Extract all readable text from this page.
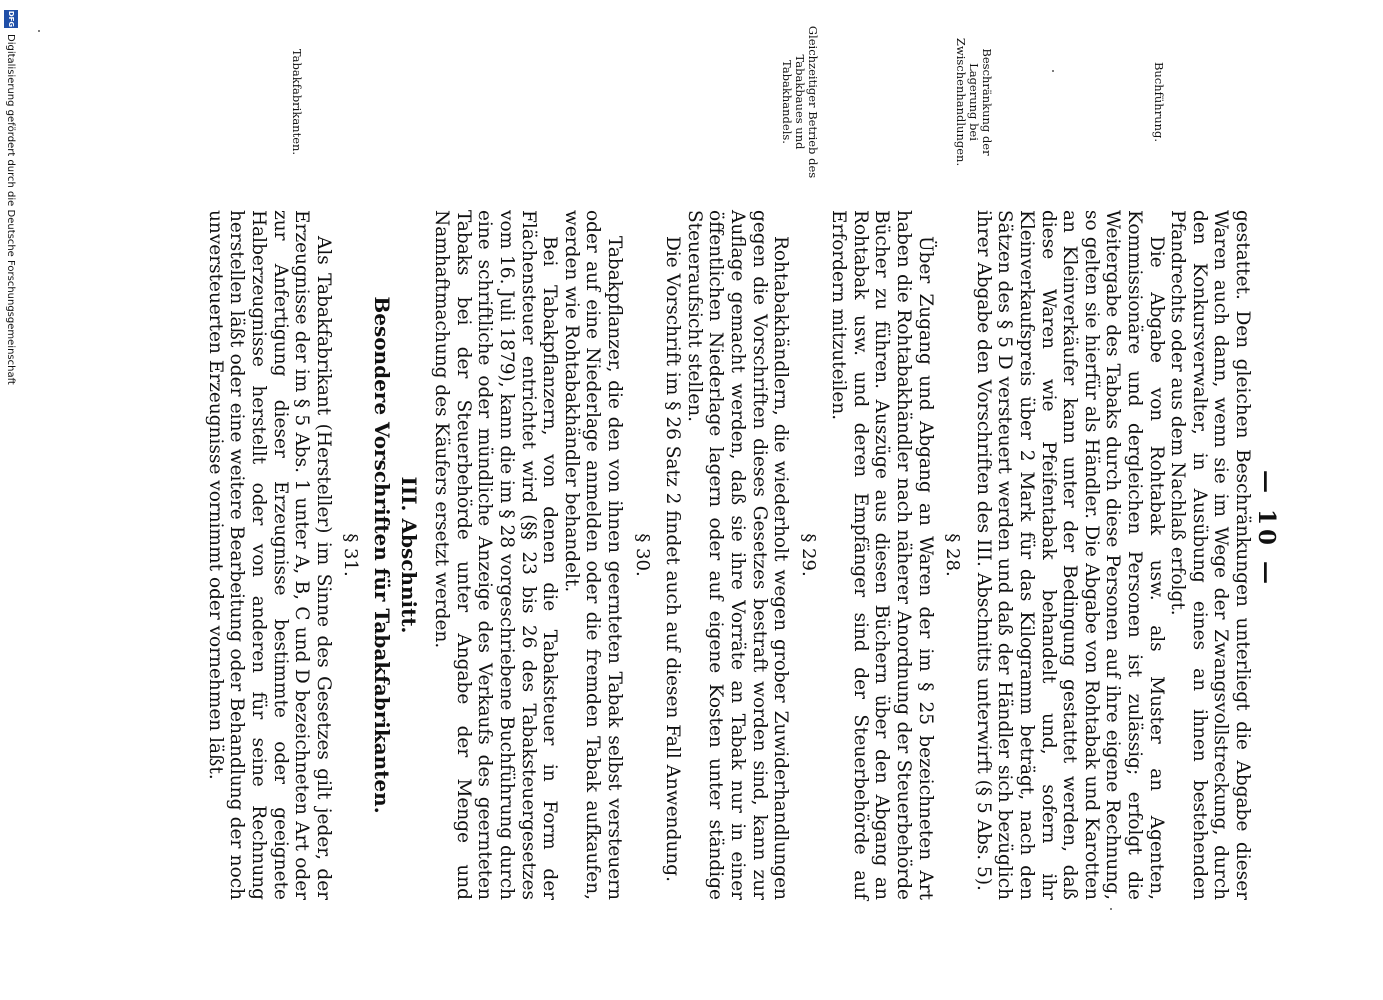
— 10 —
Buchführung.
Beschränkung der Lagerung bei Zwischenhandlungen.
Gleichzeitiger Betrieb des Tabakbaues und Tabakhandels.
Tabakfabrikanten.

gestattet. Den gleichen Beschränkungen unterliegt die Abgabe dieser Waren auch dann, wenn sie im Wege der Zwangsvollstreckung, durch den Konkursverwalter, in Ausübung eines an ihnen bestehenden Pfandrechts oder aus dem Nachlaß erfolgt.

Die Abgabe von Rohtabak usw. als Muster an Agenten, Kommissionäre und dergleichen Personen ist zulässig; erfolgt die Weitergabe des Tabaks durch diese Personen auf ihre eigene Rechnung, so gelten sie hierfür als Händler. Die Abgabe von Rohtabak und Karotten an Kleinverkäufer kann unter der Bedingung gestattet werden, daß diese Waren wie Pfeifentabak behandelt und, sofern ihr Kleinverkaufspreis über 2 Mark für das Kilogramm beträgt, nach den Sätzen des § 5 D versteuert werden und daß der Händler sich bezüglich ihrer Abgabe den Vorschriften des III. Abschnitts unterwirft (§ 5 Abs. 5).

§ 28.

Über Zugang und Abgang an Waren der im § 25 bezeichneten Art haben die Rohtabakhändler nach näherer Anordnung der Steuerbehörde Bücher zu führen. Auszüge aus diesen Büchern über den Abgang an Rohtabak usw. und deren Empfänger sind der Steuerbehörde auf Erfordern mitzuteilen.

§ 29.

Rohtabakhändlern, die wiederholt wegen grober Zuwiderhandlungen gegen die Vorschriften dieses Gesetzes bestraft worden sind, kann zur Auflage gemacht werden, daß sie ihre Vorräte an Tabak nur in einer öffentlichen Niederlage lagern oder auf eigene Kosten unter ständige Steueraufsicht stellen.

Die Vorschrift im § 26 Satz 2 findet auch auf diesen Fall Anwendung.

§ 30.

Tabakpflanzer, die den von ihnen geernteten Tabak selbst versteuern oder auf eine Niederlage anmelden oder die fremden Tabak aufkaufen, werden wie Rohtabakhändler behandelt.

Bei Tabakpflanzern, von denen die Tabaksteuer in Form der Flächensteuer entrichtet wird (§§ 23 bis 26 des Tabaksteuergesetzes vom 16. Juli 1879), kann die im § 28 vorgeschriebene Buchführung durch eine schriftliche oder mündliche Anzeige des Verkaufs des geernteten Tabaks bei der Steuerbehörde unter Angabe der Menge und Namhaftmachung des Käufers ersetzt werden.

III. Abschnitt.
Besondere Vorschriften für Tabakfabrikanten.
§ 31.

Als Tabakfabrikant (Hersteller) im Sinne des Gesetzes gilt jeder, der Erzeugnisse der im § 5 Abs. 1 unter A, B, C und D bezeichneten Art oder zur Anfertigung dieser Erzeugnisse bestimmte oder geeignete Halberzeugnisse herstellt oder von anderen für seine Rechnung herstellen läßt oder eine weitere Bearbeitung oder Behandlung der noch unversteuerten Erzeugnisse vornimmt oder vornehmen läßt.

DFG
Digitalisierung gefördert durch die Deutsche Forschungsgemeinschaft
